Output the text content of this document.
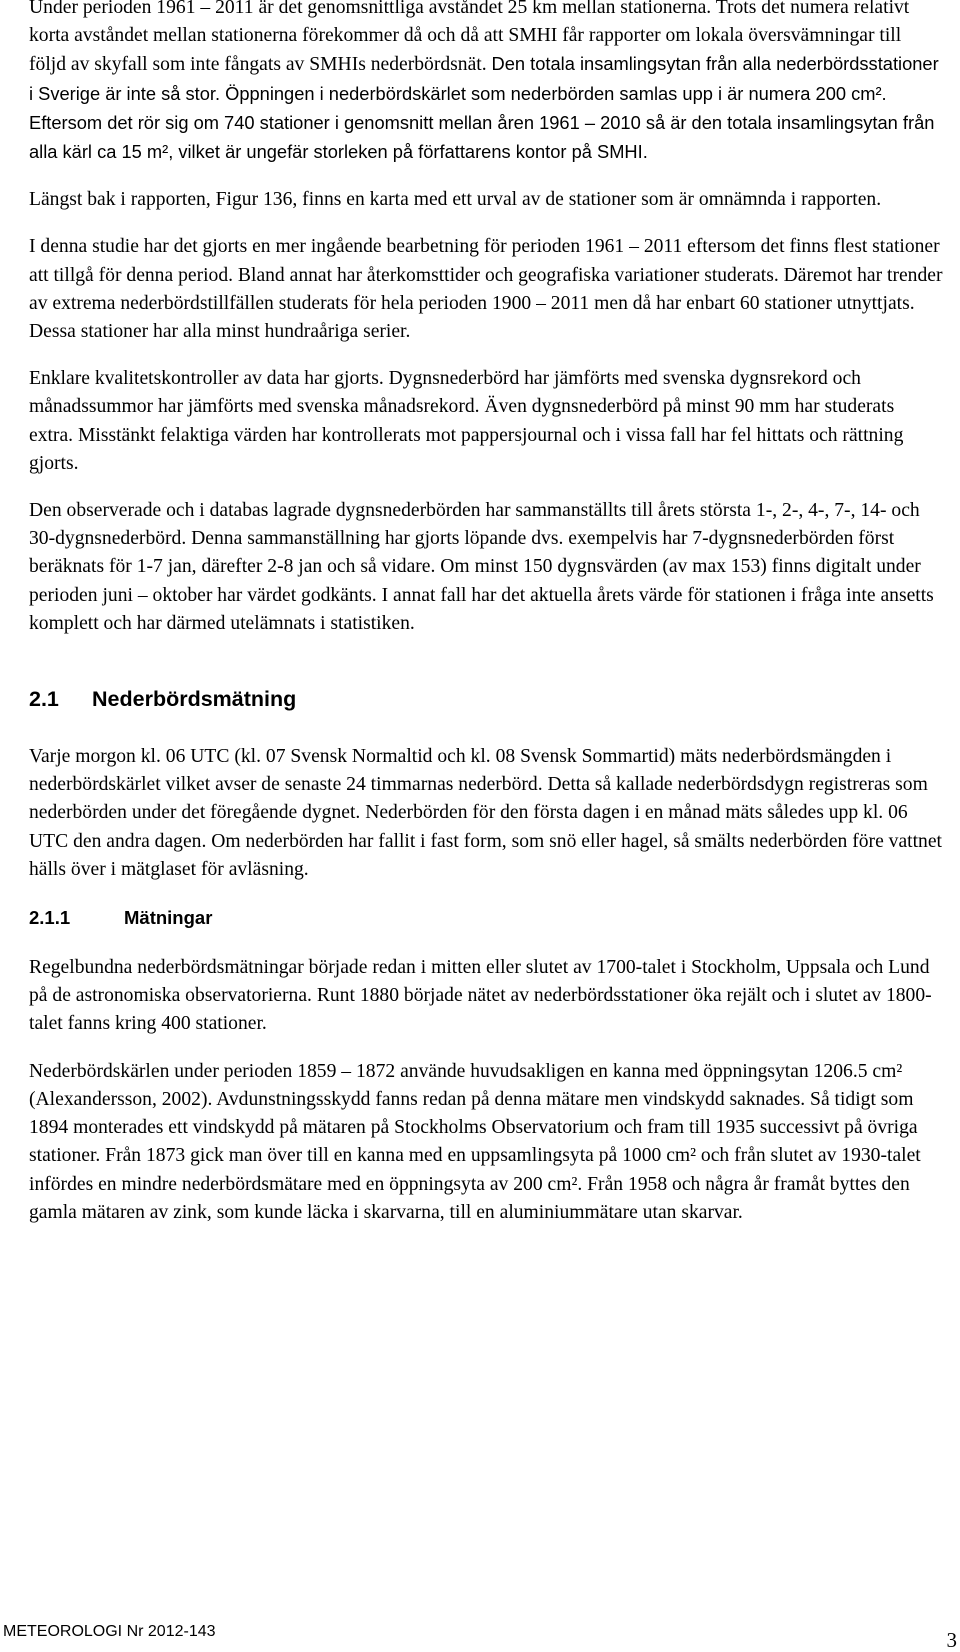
Under perioden 1961 – 2011 är det genomsnittliga avståndet 25 km mellan stationerna. Trots det numera relativt korta avståndet mellan stationerna förekommer då och då att SMHI får rapporter om lokala översvämningar till följd av skyfall som inte fångats av SMHIs nederbördsnät. Den totala insamlingsytan från alla nederbördsstationer i Sverige är inte så stor. Öppningen i nederbördskärlet som nederbörden samlas upp i är numera 200 cm². Eftersom det rör sig om 740 stationer i genomsnitt mellan åren 1961 – 2010 så är den totala insamlingsytan från alla kärl ca 15 m², vilket är ungefär storleken på författarens kontor på SMHI.

Längst bak i rapporten, Figur 136, finns en karta med ett urval av de stationer som är omnämnda i rapporten.

I denna studie har det gjorts en mer ingående bearbetning för perioden 1961 – 2011 eftersom det finns flest stationer att tillgå för denna period. Bland annat har återkomsttider och geografiska variationer studerats. Däremot har trender av extrema nederbördstillfällen studerats för hela perioden 1900 – 2011 men då har enbart 60 stationer utnyttjats. Dessa stationer har alla minst hundraåriga serier.

Enklare kvalitetskontroller av data har gjorts. Dygnsnederbörd har jämförts med svenska dygnsrekord och månadssummor har jämförts med svenska månadsrekord. Även dygnsnederbörd på minst 90 mm har studerats extra. Misstänkt felaktiga värden har kontrollerats mot pappersjournal och i vissa fall har fel hittats och rättning gjorts.

Den observerade och i databas lagrade dygnsnederbörden har sammanställts till årets största 1-, 2-, 4-, 7-, 14- och 30-dygnsnederbörd. Denna sammanställning har gjorts löpande dvs. exempelvis har 7-dygnsnederbörden först beräknats för 1-7 jan, därefter 2-8 jan och så vidare. Om minst 150 dygnsvärden (av max 153) finns digitalt under perioden juni – oktober har värdet godkänts. I annat fall har det aktuella årets värde för stationen i fråga inte ansetts komplett och har därmed utelämnats i statistiken.

2.1	Nederbördsmätning

Varje morgon kl. 06 UTC (kl. 07 Svensk Normaltid och kl. 08 Svensk Sommartid) mäts nederbördsmängden i nederbördskärlet vilket avser de senaste 24 timmarnas nederbörd. Detta så kallade nederbördsdygn registreras som nederbörden under det föregående dygnet. Nederbörden för den första dagen i en månad mäts således upp kl. 06 UTC den andra dagen. Om nederbörden har fallit i fast form, som snö eller hagel, så smälts nederbörden före vattnet hälls över i mätglaset för avläsning.

2.1.1	Mätningar

Regelbundna nederbördsmätningar började redan i mitten eller slutet av 1700-talet i Stockholm, Uppsala och Lund på de astronomiska observatorierna. Runt 1880 började nätet av nederbördsstationer öka rejält och i slutet av 1800-talet fanns kring 400 stationer.

Nederbördskärlen under perioden 1859 – 1872 använde huvudsakligen en kanna med öppningsytan 1206.5 cm² (Alexandersson, 2002). Avdunstningsskydd fanns redan på denna mätare men vindskydd saknades. Så tidigt som 1894 monterades ett vindskydd på mätaren på Stockholms Observatorium och fram till 1935 successivt på övriga stationer. Från 1873 gick man över till en kanna med en uppsamlingsyta på 1000 cm² och från slutet av 1930-talet infördes en mindre nederbördsmätare med en öppningsyta av 200 cm². Från 1958 och några år framåt byttes den gamla mätaren av zink, som kunde läcka i skarvarna, till en aluminiummätare utan skarvar.

METEOROLOGI Nr 2012-143	3
